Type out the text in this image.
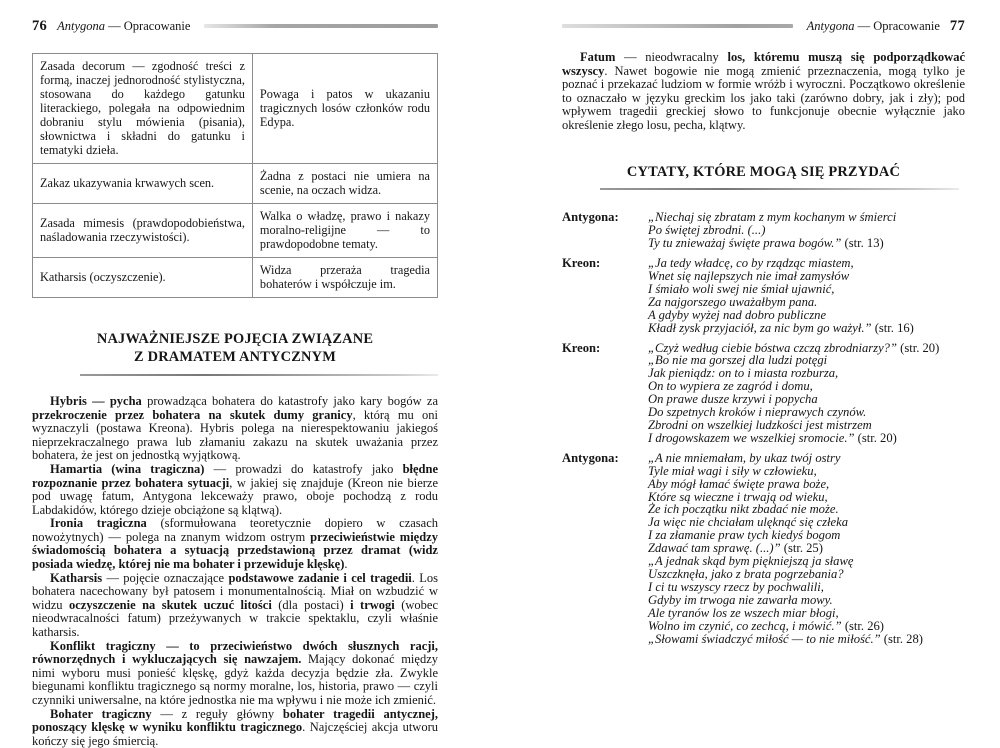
76 Antygona — Opracowanie
Zasada decorum — zgodność treści z formą, inaczej jednorodność stylistyczna, stosowana do każdego gatunku literackiego, polegała na odpowiednim dobraniu stylu mówienia (pisania), słownictwa i składni do gatunku i tematyki dzieła.	Powaga i patos w ukazaniu tragicznych losów członków rodu Edypa.
Zakaz ukazywania krwawych scen.	Żadna z postaci nie umiera na scenie, na oczach widza.
Zasada mimesis (prawdopodobieństwa, naśladowania rzeczywistości).	Walka o władzę, prawo i nakazy moralno-religijne — to prawdopodobne tematy.
Katharsis (oczyszczenie).	Widza przeraża tragedia bohaterów i współczuje im.
NAJWAŻNIEJSZE POJĘCIA ZWIĄZANE
Z DRAMATEM ANTYCZNYM

Hybris — pycha prowadząca bohatera do katastrofy jako kary bogów za przekroczenie przez bohatera na skutek dumy granicy, którą mu oni wyznaczyli (postawa Kreona). Hybris polega na nierespektowaniu jakiegoś nieprzekraczalnego prawa lub złamaniu zakazu na skutek uważania przez bohatera, że jest on jednostką wyjątkową.

Hamartia (wina tragiczna) — prowadzi do katastrofy jako błędne rozpoznanie przez bohatera sytuacji, w jakiej się znajduje (Kreon nie bierze pod uwagę fatum, Antygona lekceważy prawo, oboje pochodzą z rodu Labdakidów, którego dzieje obciążone są klątwą).

Ironia tragiczna (sformułowana teoretycznie dopiero w czasach nowożytnych) — polega na znanym widzom ostrym przeciwieństwie między świadomością bohatera a sytuacją przedstawioną przez dramat (widz posiada wiedzę, której nie ma bohater i przewiduje klęskę).

Katharsis — pojęcie oznaczające podstawowe zadanie i cel tragedii. Los bohatera nacechowany był patosem i monumentalnością. Miał on wzbudzić w widzu oczyszczenie na skutek uczuć litości (dla postaci) i trwogi (wobec nieodwracalności fatum) przeżywanych w trakcie spektaklu, czyli właśnie katharsis.

Konflikt tragiczny — to przeciwieństwo dwóch słusznych racji, równorzędnych i wykluczających się nawzajem. Mający dokonać między nimi wyboru musi ponieść klęskę, gdyż każda decyzja będzie zła. Zwykle biegunami konfliktu tragicznego są normy moralne, los, historia, prawo — czyli czynniki uniwersalne, na które jednostka nie ma wpływu i nie może ich zmienić.

Bohater tragiczny — z reguły główny bohater tragedii antycznej, ponoszący klęskę w wyniku konfliktu tragicznego. Najczęściej akcja utworu kończy się jego śmiercią.

Antygona — Opracowanie 77

Fatum — nieodwracalny los, któremu muszą się podporządkować wszyscy. Nawet bogowie nie mogą zmienić przeznaczenia, mogą tylko je poznać i przekazać ludziom w formie wróżb i wyroczni. Początkowo określenie to oznaczało w języku greckim los jako taki (zarówno dobry, jak i zły); pod wpływem tragedii greckiej słowo to funkcjonuje obecnie wyłącznie jako określenie złego losu, pecha, klątwy.

CYTATY, KTÓRE MOGĄ SIĘ PRZYDAĆ
Antygona:	„Niechaj się zbratam z mym kochanym w śmierci
Po świętej zbrodni. (...)
Ty tu znieważaj święte prawa bogów.” (str. 13)
Kreon:	„Ja tedy władcę, co by rządząc miastem,
Wnet się najlepszych nie imał zamysłów
I śmiało woli swej nie śmiał ujawnić,
Za najgorszego uważałbym pana.
A gdyby wyżej nad dobro publiczne
Kładł zysk przyjaciół, za nic bym go ważył.” (str. 16)
Kreon:	„Czyż według ciebie bóstwa czczą zbrodniarzy?” (str. 20)
„Bo nie ma gorszej dla ludzi potęgi
Jak pieniądz: on to i miasta rozburza,
On to wypiera ze zagród i domu,
On prawe dusze krzywi i popycha
Do szpetnych kroków i nieprawych czynów.
Zbrodni on wszelkiej ludzkości jest mistrzem
I drogowskazem we wszelkiej sromocie.” (str. 20)
Antygona:	„A nie mniemałam, by ukaz twój ostry
Tyle miał wagi i siły w człowieku,
Aby mógł łamać święte prawa boże,
Które są wieczne i trwają od wieku,
Że ich początku nikt zbadać nie może.
Ja więc nie chciałam ulęknąć się człeka
I za złamanie praw tych kiedyś bogom
Zdawać tam sprawę. (...)” (str. 25)
„A jednak skąd bym piękniejszą ja sławę
Uszczknęła, jako z brata pogrzebania?
I ci tu wszyscy rzecz by pochwalili,
Gdyby im trwoga nie zawarła mowy.
Ale tyranów los ze wszech miar błogi,
Wolno im czynić, co zechcą, i mówić.” (str. 26)
„Słowami świadczyć miłość — to nie miłość.” (str. 28)
